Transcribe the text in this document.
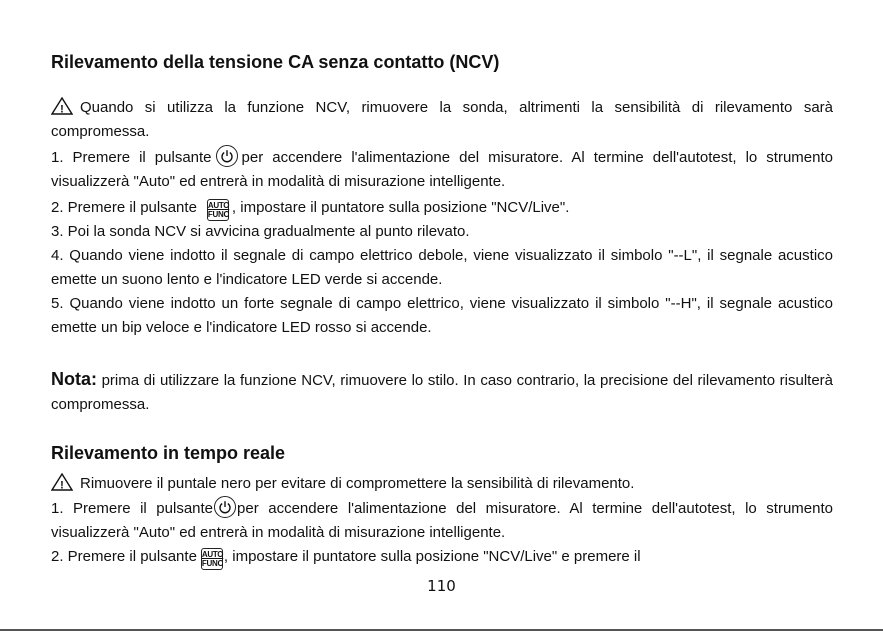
Rilevamento della tensione CA senza contatto (NCV)

! Quando si utilizza la funzione NCV, rimuovere la sonda, altrimenti la sensibilità di rilevamento sarà compromessa.

1. Premere il pulsante per accendere l'alimentazione del misuratore. Al termine dell'autotest, lo strumento visualizzerà "Auto" ed entrerà in modalità di misurazione intelligente.

2. Premere il pulsante AUTO
FUNC , impostare il puntatore sulla posizione "NCV/Live".

3. Poi la sonda NCV si avvicina gradualmente al punto rilevato.

4. Quando viene indotto il segnale di campo elettrico debole, viene visualizzato il simbolo "--L", il segnale acustico emette un suono lento e l'indicatore LED verde si accende.

5. Quando viene indotto un forte segnale di campo elettrico, viene visualizzato il simbolo "--H", il segnale acustico emette un bip veloce e l'indicatore LED rosso si accende.

Nota: prima di utilizzare la funzione NCV, rimuovere lo stilo. In caso contrario, la precisione del rilevamento risulterà compromessa.

Rilevamento in tempo reale

! Rimuovere il puntale nero per evitare di compromettere la sensibilità di rilevamento.

1. Premere il pulsante per accendere l'alimentazione del misuratore. Al termine dell'autotest, lo strumento visualizzerà "Auto" ed entrerà in modalità di misurazione intelligente.

2. Premere il pulsante AUTO
FUNC , impostare il puntatore sulla posizione "NCV/Live" e premere il

110
